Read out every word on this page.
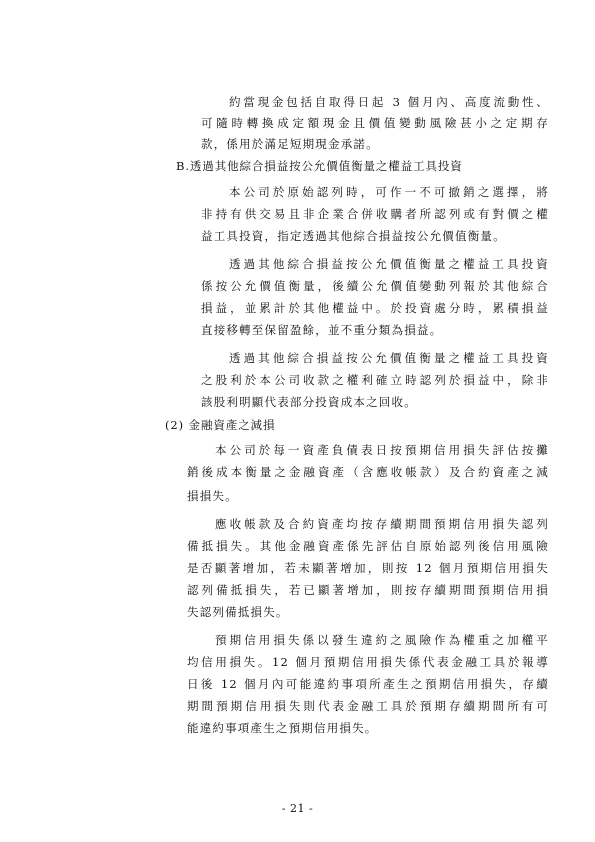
約當現金包括自取得日起 3 個月內、高度流動性、
可隨時轉換成定額現金且價值變動風險甚小之定期存
款，係用於滿足短期現金承諾。
B.透過其他綜合損益按公允價值衡量之權益工具投資
本公司於原始認列時，可作一不可撤銷之選擇，將
非持有供交易且非企業合併收購者所認列或有對價之權
益工具投資，指定透過其他綜合損益按公允價值衡量。
透過其他綜合損益按公允價值衡量之權益工具投資
係按公允價值衡量，後續公允價值變動列報於其他綜合
損益，並累計於其他權益中。於投資處分時，累積損益
直接移轉至保留盈餘，並不重分類為損益。
透過其他綜合損益按公允價值衡量之權益工具投資
之股利於本公司收款之權利確立時認列於損益中，除非
該股利明顯代表部分投資成本之回收。
(2) 金融資產之減損
本公司於每一資產負債表日按預期信用損失評估按攤
銷後成本衡量之金融資產（含應收帳款）及合約資產之減
損損失。
應收帳款及合約資產均按存續期間預期信用損失認列
備抵損失。其他金融資產係先評估自原始認列後信用風險
是否顯著增加，若未顯著增加，則按 12 個月預期信用損失
認列備抵損失，若已顯著增加，則按存續期間預期信用損
失認列備抵損失。
預期信用損失係以發生違約之風險作為權重之加權平
均信用損失。12 個月預期信用損失係代表金融工具於報導
日後 12 個月內可能違約事項所產生之預期信用損失，存續
期間預期信用損失則代表金融工具於預期存續期間所有可
能違約事項產生之預期信用損失。
- 21 -
